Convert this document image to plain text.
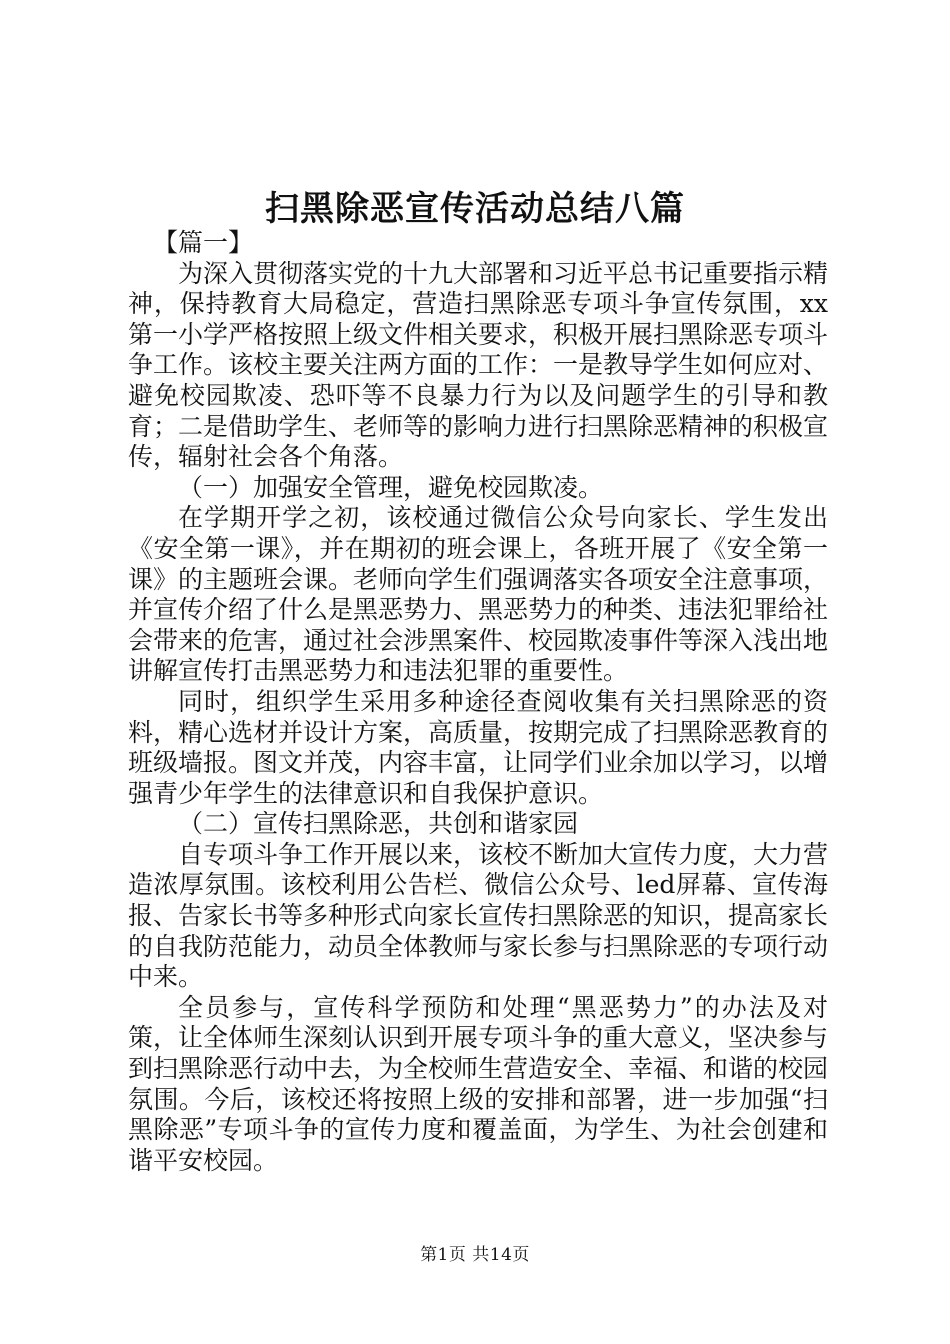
扫黑除恶宣传活动总结八篇

【篇一】

为深入贯彻落实党的十九大部署和习近平总书记重要指示精神，保持教育大局稳定，营造扫黑除恶专项斗争宣传氛围，xx第一小学严格按照上级文件相关要求，积极开展扫黑除恶专项斗争工作。该校主要关注两方面的工作：一是教导学生如何应对、避免校园欺凌、恐吓等不良暴力行为以及问题学生的引导和教育；二是借助学生、老师等的影响力进行扫黑除恶精神的积极宣传，辐射社会各个角落。

（一）加强安全管理，避免校园欺凌。

在学期开学之初，该校通过微信公众号向家长、学生发出《安全第一课》，并在期初的班会课上，各班开展了《安全第一课》的主题班会课。老师向学生们强调落实各项安全注意事项，并宣传介绍了什么是黑恶势力、黑恶势力的种类、违法犯罪给社会带来的危害，通过社会涉黑案件、校园欺凌事件等深入浅出地讲解宣传打击黑恶势力和违法犯罪的重要性。

同时，组织学生采用多种途径查阅收集有关扫黑除恶的资料，精心选材并设计方案，高质量，按期完成了扫黑除恶教育的班级墙报。图文并茂，内容丰富，让同学们业余加以学习，以增强青少年学生的法律意识和自我保护意识。

（二）宣传扫黑除恶，共创和谐家园

自专项斗争工作开展以来，该校不断加大宣传力度，大力营造浓厚氛围。该校利用公告栏、微信公众号、led屏幕、宣传海报、告家长书等多种形式向家长宣传扫黑除恶的知识，提高家长的自我防范能力，动员全体教师与家长参与扫黑除恶的专项行动中来。

全员参与，宣传科学预防和处理“黑恶势力”的办法及对策，让全体师生深刻认识到开展专项斗争的重大意义，坚决参与到扫黑除恶行动中去，为全校师生营造安全、幸福、和谐的校园氛围。今后，该校还将按照上级的安排和部署，进一步加强“扫黑除恶”专项斗争的宣传力度和覆盖面，为学生、为社会创建和谐平安校园。

第1页 共14页
